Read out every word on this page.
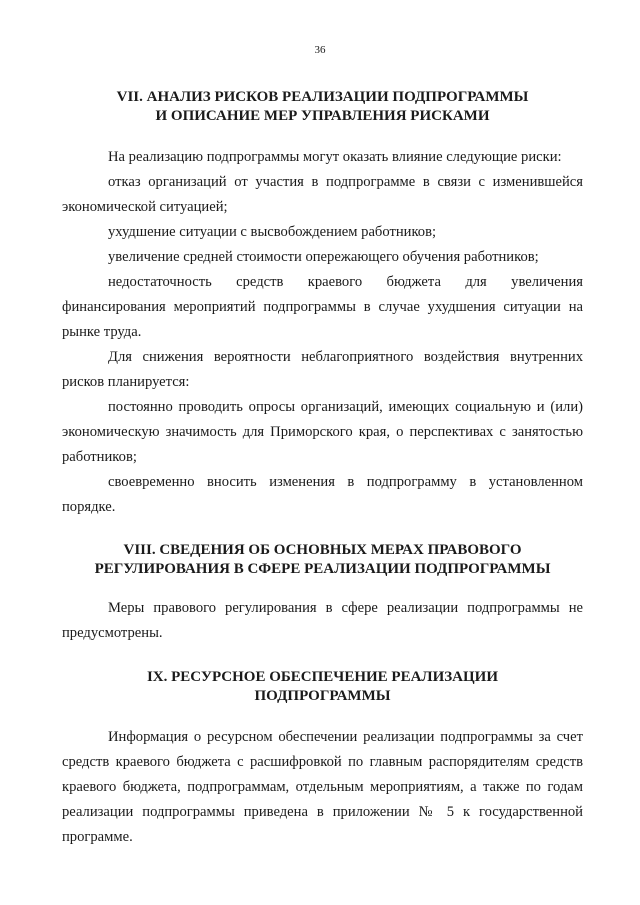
36
VII. АНАЛИЗ РИСКОВ РЕАЛИЗАЦИИ ПОДПРОГРАММЫ
И ОПИСАНИЕ МЕР УПРАВЛЕНИЯ РИСКАМИ

На реализацию подпрограммы могут оказать влияние следующие риски:

отказ организаций от участия в подпрограмме в связи с изменившейся экономической ситуацией;

ухудшение ситуации с высвобождением работников;

увеличение средней стоимости опережающего обучения работников;

недостаточность средств краевого бюджета для увеличения финансирования мероприятий подпрограммы в случае ухудшения ситуации на рынке труда.

Для снижения вероятности неблагоприятного воздействия внутренних рисков планируется:

постоянно проводить опросы организаций, имеющих социальную и (или) экономическую значимость для Приморского края, о перспективах с занятостью работников;

своевременно вносить изменения в подпрограмму в установленном порядке.

VIII. СВЕДЕНИЯ ОБ ОСНОВНЫХ МЕРАХ ПРАВОВОГО
РЕГУЛИРОВАНИЯ В СФЕРЕ РЕАЛИЗАЦИИ ПОДПРОГРАММЫ

Меры правового регулирования в сфере реализации подпрограммы не предусмотрены.

IX. РЕСУРСНОЕ ОБЕСПЕЧЕНИЕ РЕАЛИЗАЦИИ
ПОДПРОГРАММЫ

Информация о ресурсном обеспечении реализации подпрограммы за счет средств краевого бюджета с расшифровкой по главным распорядителям средств краевого бюджета, подпрограммам, отдельным мероприятиям, а также по годам реализации подпрограммы приведена в приложении № 5 к государственной программе.
